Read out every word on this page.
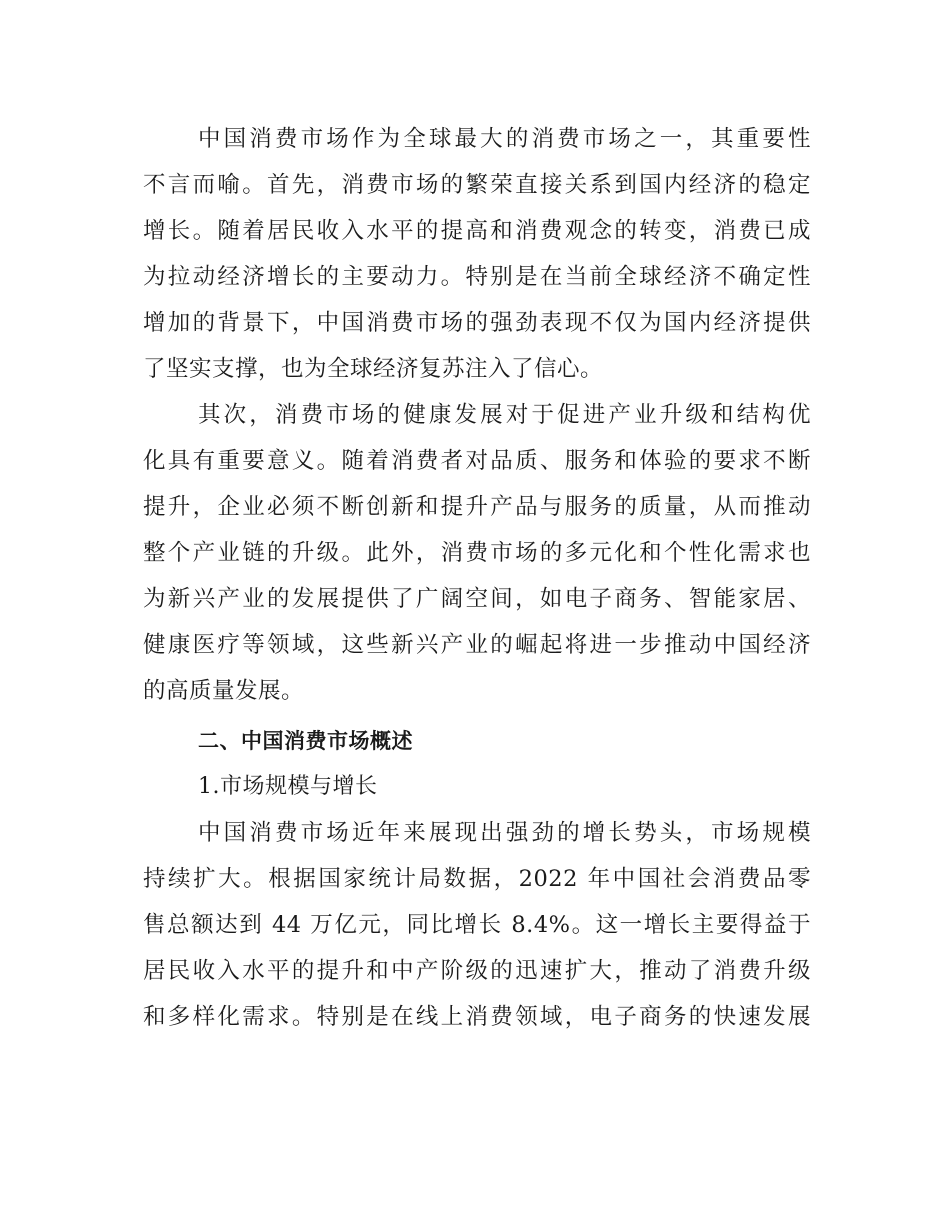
中国消费市场作为全球最大的消费市场之一，其重要性
不言而喻。首先，消费市场的繁荣直接关系到国内经济的稳定
增长。随着居民收入水平的提高和消费观念的转变，消费已成
为拉动经济增长的主要动力。特别是在当前全球经济不确定性
增加的背景下，中国消费市场的强劲表现不仅为国内经济提供
了坚实支撑，也为全球经济复苏注入了信心。
其次，消费市场的健康发展对于促进产业升级和结构优
化具有重要意义。随着消费者对品质、服务和体验的要求不断
提升，企业必须不断创新和提升产品与服务的质量，从而推动
整个产业链的升级。此外，消费市场的多元化和个性化需求也
为新兴产业的发展提供了广阔空间，如电子商务、智能家居、
健康医疗等领域，这些新兴产业的崛起将进一步推动中国经济
的高质量发展。
二、中国消费市场概述
1.市场规模与增长
中国消费市场近年来展现出强劲的增长势头，市场规模
持续扩大。根据国家统计局数据，2022 年中国社会消费品零
售总额达到 44 万亿元，同比增长 8.4%。这一增长主要得益于
居民收入水平的提升和中产阶级的迅速扩大，推动了消费升级
和多样化需求。特别是在线上消费领域，电子商务的快速发展
